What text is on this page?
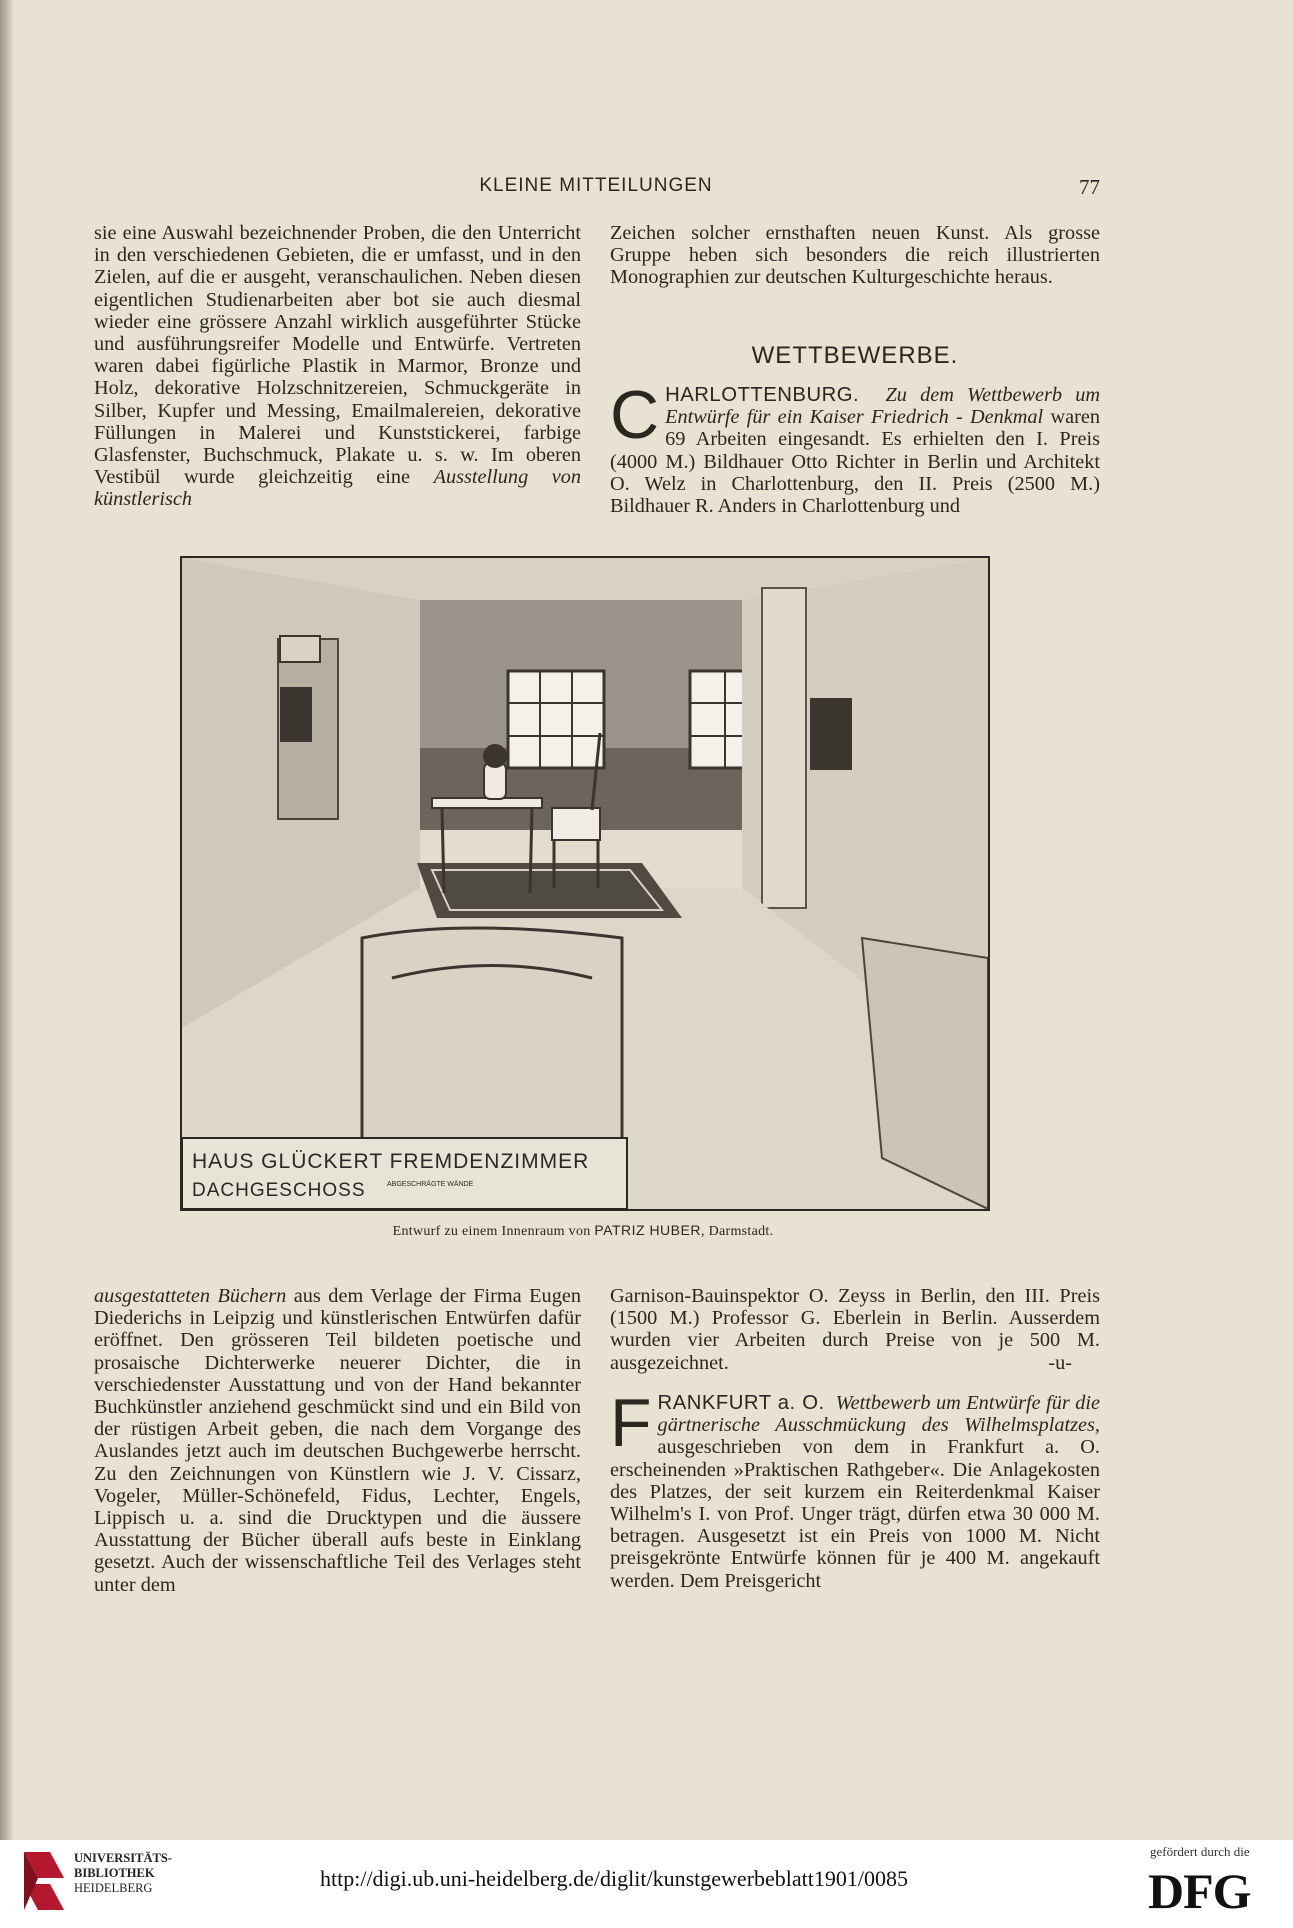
KLEINE MITTEILUNGEN	77

sie eine Auswahl bezeichnender Proben, die den Unterricht in den verschiedenen Gebieten, die er umfasst, und in den Zielen, auf die er ausgeht, veranschaulichen. Neben diesen eigentlichen Studienarbeiten aber bot sie auch diesmal wieder eine grössere Anzahl wirklich ausgeführter Stücke und ausführungsreifer Modelle und Entwürfe. Vertreten waren dabei figürliche Plastik in Marmor, Bronze und Holz, dekorative Holzschnitzereien, Schmuckgeräte in Silber, Kupfer und Messing, Emailmalereien, dekorative Füllungen in Malerei und Kunststickerei, farbige Glasfenster, Buchschmuck, Plakate u. s. w. Im oberen Vestibül wurde gleichzeitig eine Ausstellung von künstlerisch

Zeichen solcher ernsthaften neuen Kunst. Als grosse Gruppe heben sich besonders die reich illustrierten Monographien zur deutschen Kulturgeschichte heraus.

WETTBEWERBE.

CHARLOTTENBURG. Zu dem Wettbewerb um Entwürfe für ein Kaiser Friedrich - Denkmal waren 69 Arbeiten eingesandt. Es erhielten den I. Preis (4000 M.) Bildhauer Otto Richter in Berlin und Architekt O. Welz in Charlottenburg, den II. Preis (2500 M.) Bildhauer R. Anders in Charlottenburg und

HAUS GLÜCKERT FREMDENZIMMER
DACHGESCHOSS	ABGESCHRÄGTE WÄNDE
Entwurf zu einem Innenraum von PATRIZ HUBER, Darmstadt.

ausgestatteten Büchern aus dem Verlage der Firma Eugen Diederichs in Leipzig und künstlerischen Entwürfen dafür eröffnet. Den grösseren Teil bildeten poetische und prosaische Dichterwerke neuerer Dichter, die in verschiedenster Ausstattung und von der Hand bekannter Buchkünstler anziehend geschmückt sind und ein Bild von der rüstigen Arbeit geben, die nach dem Vorgange des Auslandes jetzt auch im deutschen Buchgewerbe herrscht. Zu den Zeichnungen von Künstlern wie J. V. Cissarz, Vogeler, Müller-Schönefeld, Fidus, Lechter, Engels, Lippisch u. a. sind die Drucktypen und die äussere Ausstattung der Bücher überall aufs beste in Einklang gesetzt. Auch der wissenschaftliche Teil des Verlages steht unter dem

Garnison-Bauinspektor O. Zeyss in Berlin, den III. Preis (1500 M.) Professor G. Eberlein in Berlin. Ausserdem wurden vier Arbeiten durch Preise von je 500 M. ausgezeichnet.	-u-

FRANKFURT a. O. Wettbewerb um Entwürfe für die gärtnerische Ausschmückung des Wilhelmsplatzes, ausgeschrieben von dem in Frankfurt a. O. erscheinenden »Praktischen Rathgeber«. Die Anlagekosten des Platzes, der seit kurzem ein Reiterdenkmal Kaiser Wilhelm's I. von Prof. Unger trägt, dürfen etwa 30 000 M. betragen. Ausgesetzt ist ein Preis von 1000 M. Nicht preisgekrönte Entwürfe können für je 400 M. angekauft werden. Dem Preisgericht

UNIVERSITÄTS-
BIBLIOTHEK
HEIDELBERG	http://digi.ub.uni-heidelberg.de/diglit/kunstgewerbeblatt1901/0085
gefördert durch die
DFG
